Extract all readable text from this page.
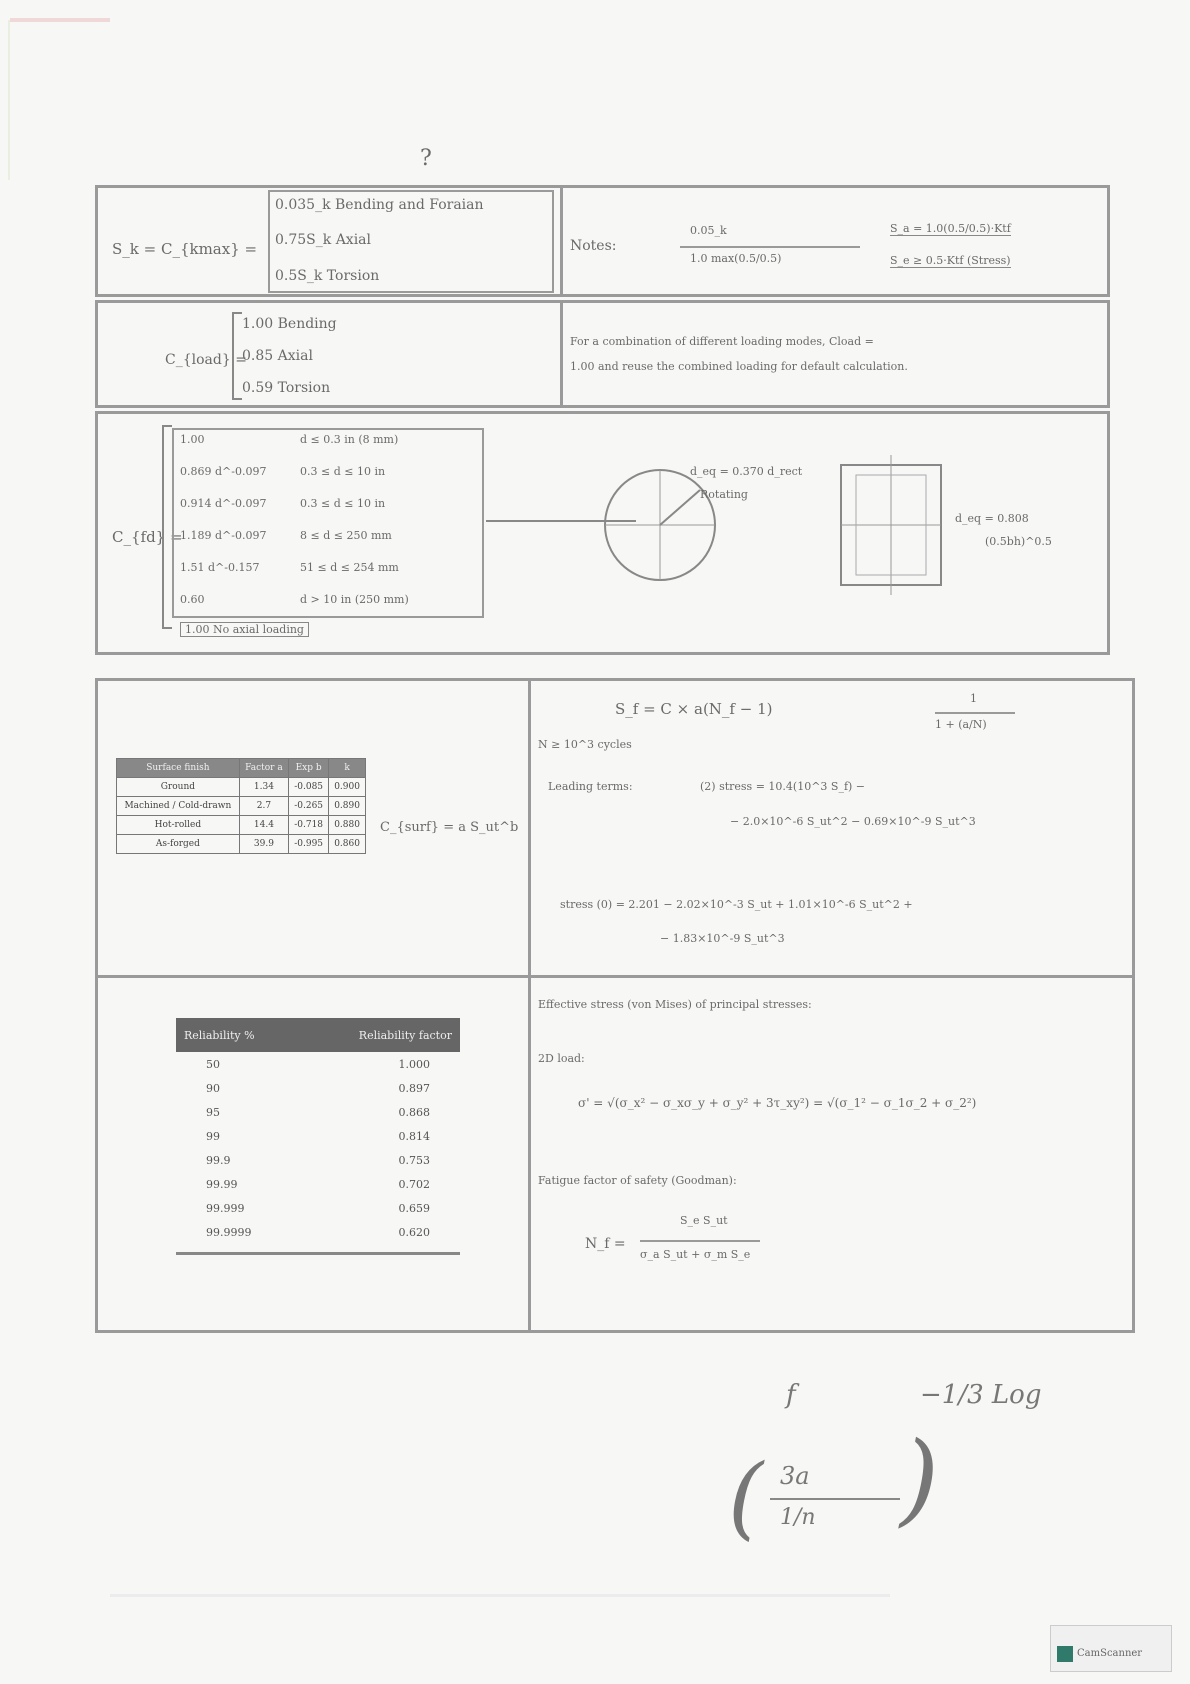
?
S_k = C_{kmax} =
0.035_k Bending and Foraian
0.75S_k Axial
0.5S_k Torsion
Notes:
0.05_k
1.0 max(0.5/0.5)
S_a = 1.0(0.5/0.5)·Ktf
S_e ≥ 0.5·Ktf (Stress)
C_{load} =
1.00 Bending
0.85 Axial
0.59 Torsion
For a combination of different loading modes, Cload =
1.00 and reuse the combined loading for default calculation.
C_{fd} =
1.00	d ≤ 0.3 in (8 mm)
0.869 d^-0.097	0.3 ≤ d ≤ 10 in
0.914 d^-0.097	0.3 ≤ d ≤ 10 in
1.189 d^-0.097	8 ≤ d ≤ 250 mm
1.51 d^-0.157	51 ≤ d ≤ 254 mm
0.60	d > 10 in (250 mm)
1.00 No axial loading
d_eq = 0.370 d_rect
Rotating
d_eq = 0.808
(0.5bh)^0.5
Surface finish	Factor a	Exp b	k
Ground	1.34	-0.085	0.900
Machined / Cold-drawn	2.7	-0.265	0.890
Hot-rolled	14.4	-0.718	0.880
As-forged	39.9	-0.995	0.860
C_{surf} = a S_ut^b
S_f = C × a(N_f − 1)
1
1 + (a/N)
N ≥ 10^3 cycles
Leading terms:	(2) stress = 10.4(10^3 S_f) −
− 2.0×10^-6 S_ut^2 − 0.69×10^-9 S_ut^3
stress (0) = 2.201 − 2.02×10^-3 S_ut + 1.01×10^-6 S_ut^2 +
− 1.83×10^-9 S_ut^3
Reliability %	Reliability factor
50	1.000
90	0.897
95	0.868
99	0.814
99.9	0.753
99.99	0.702
99.999	0.659
99.9999	0.620
Effective stress (von Mises) of principal stresses:
2D load:
σ' = √(σ_x² − σ_xσ_y + σ_y² + 3τ_xy²) = √(σ_1² − σ_1σ_2 + σ_2²)
Fatigue factor of safety (Goodman):
N_f =
S_e S_ut
σ_a S_ut + σ_m S_e
f
3a
1/n
( )
−1/3 Log
CamScanner
